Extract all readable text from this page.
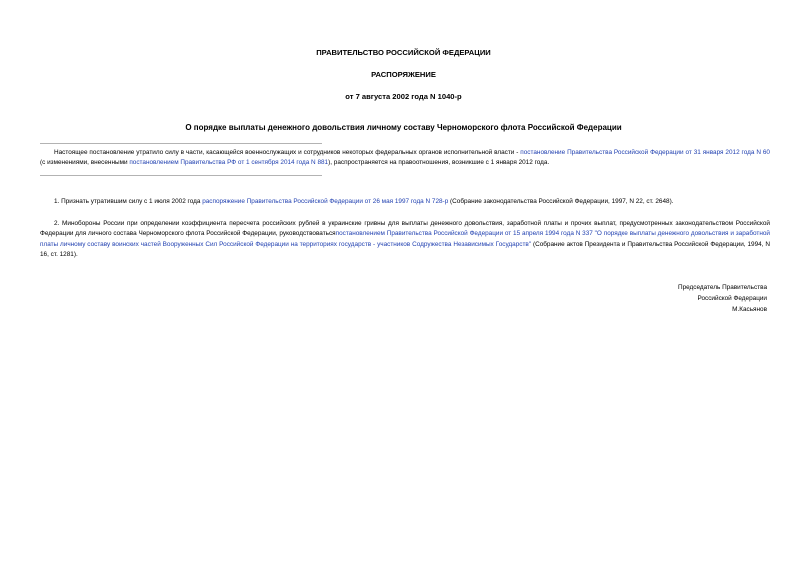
ПРАВИТЕЛЬСТВО РОССИЙСКОЙ ФЕДЕРАЦИИ
РАСПОРЯЖЕНИЕ
от 7 августа 2002 года N 1040-р
О порядке выплаты денежного довольствия личному составу Черноморского флота Российской Федерации
Настоящее постановление утратило силу в части, касающейся военнослужащих и сотрудников некоторых федеральных органов исполнительной власти - постановление Правительства Российской Федерации от 31 января 2012 года N 60 (с изменениями, внесенными постановлением Правительства РФ от 1 сентября 2014 года N 881), распространяется на правоотношения, возникшие с 1 января 2012 года.
1. Признать утратившим силу с 1 июля 2002 года распоряжение Правительства Российской Федерации от 26 мая 1997 года N 728-р (Собрание законодательства Российской Федерации, 1997, N 22, ст. 2648).
2. Минобороны России при определении коэффициента пересчета российских рублей в украинские гривны для выплаты денежного довольствия, заработной платы и прочих выплат, предусмотренных законодательством Российской Федерации для личного состава Черноморского флота Российской Федерации, руководствоватьсяпостановлением Правительства Российской Федерации от 15 апреля 1994 года N 337 "О порядке выплаты денежного довольствия и заработной платы личному составу воинских частей Вооруженных Сил Российской Федерации на территориях государств - участников Содружества Независимых Государств" (Собрание актов Президента и Правительства Российской Федерации, 1994, N 16, ст. 1281).
Председатель Правительства
Российской Федерации
М.Касьянов
